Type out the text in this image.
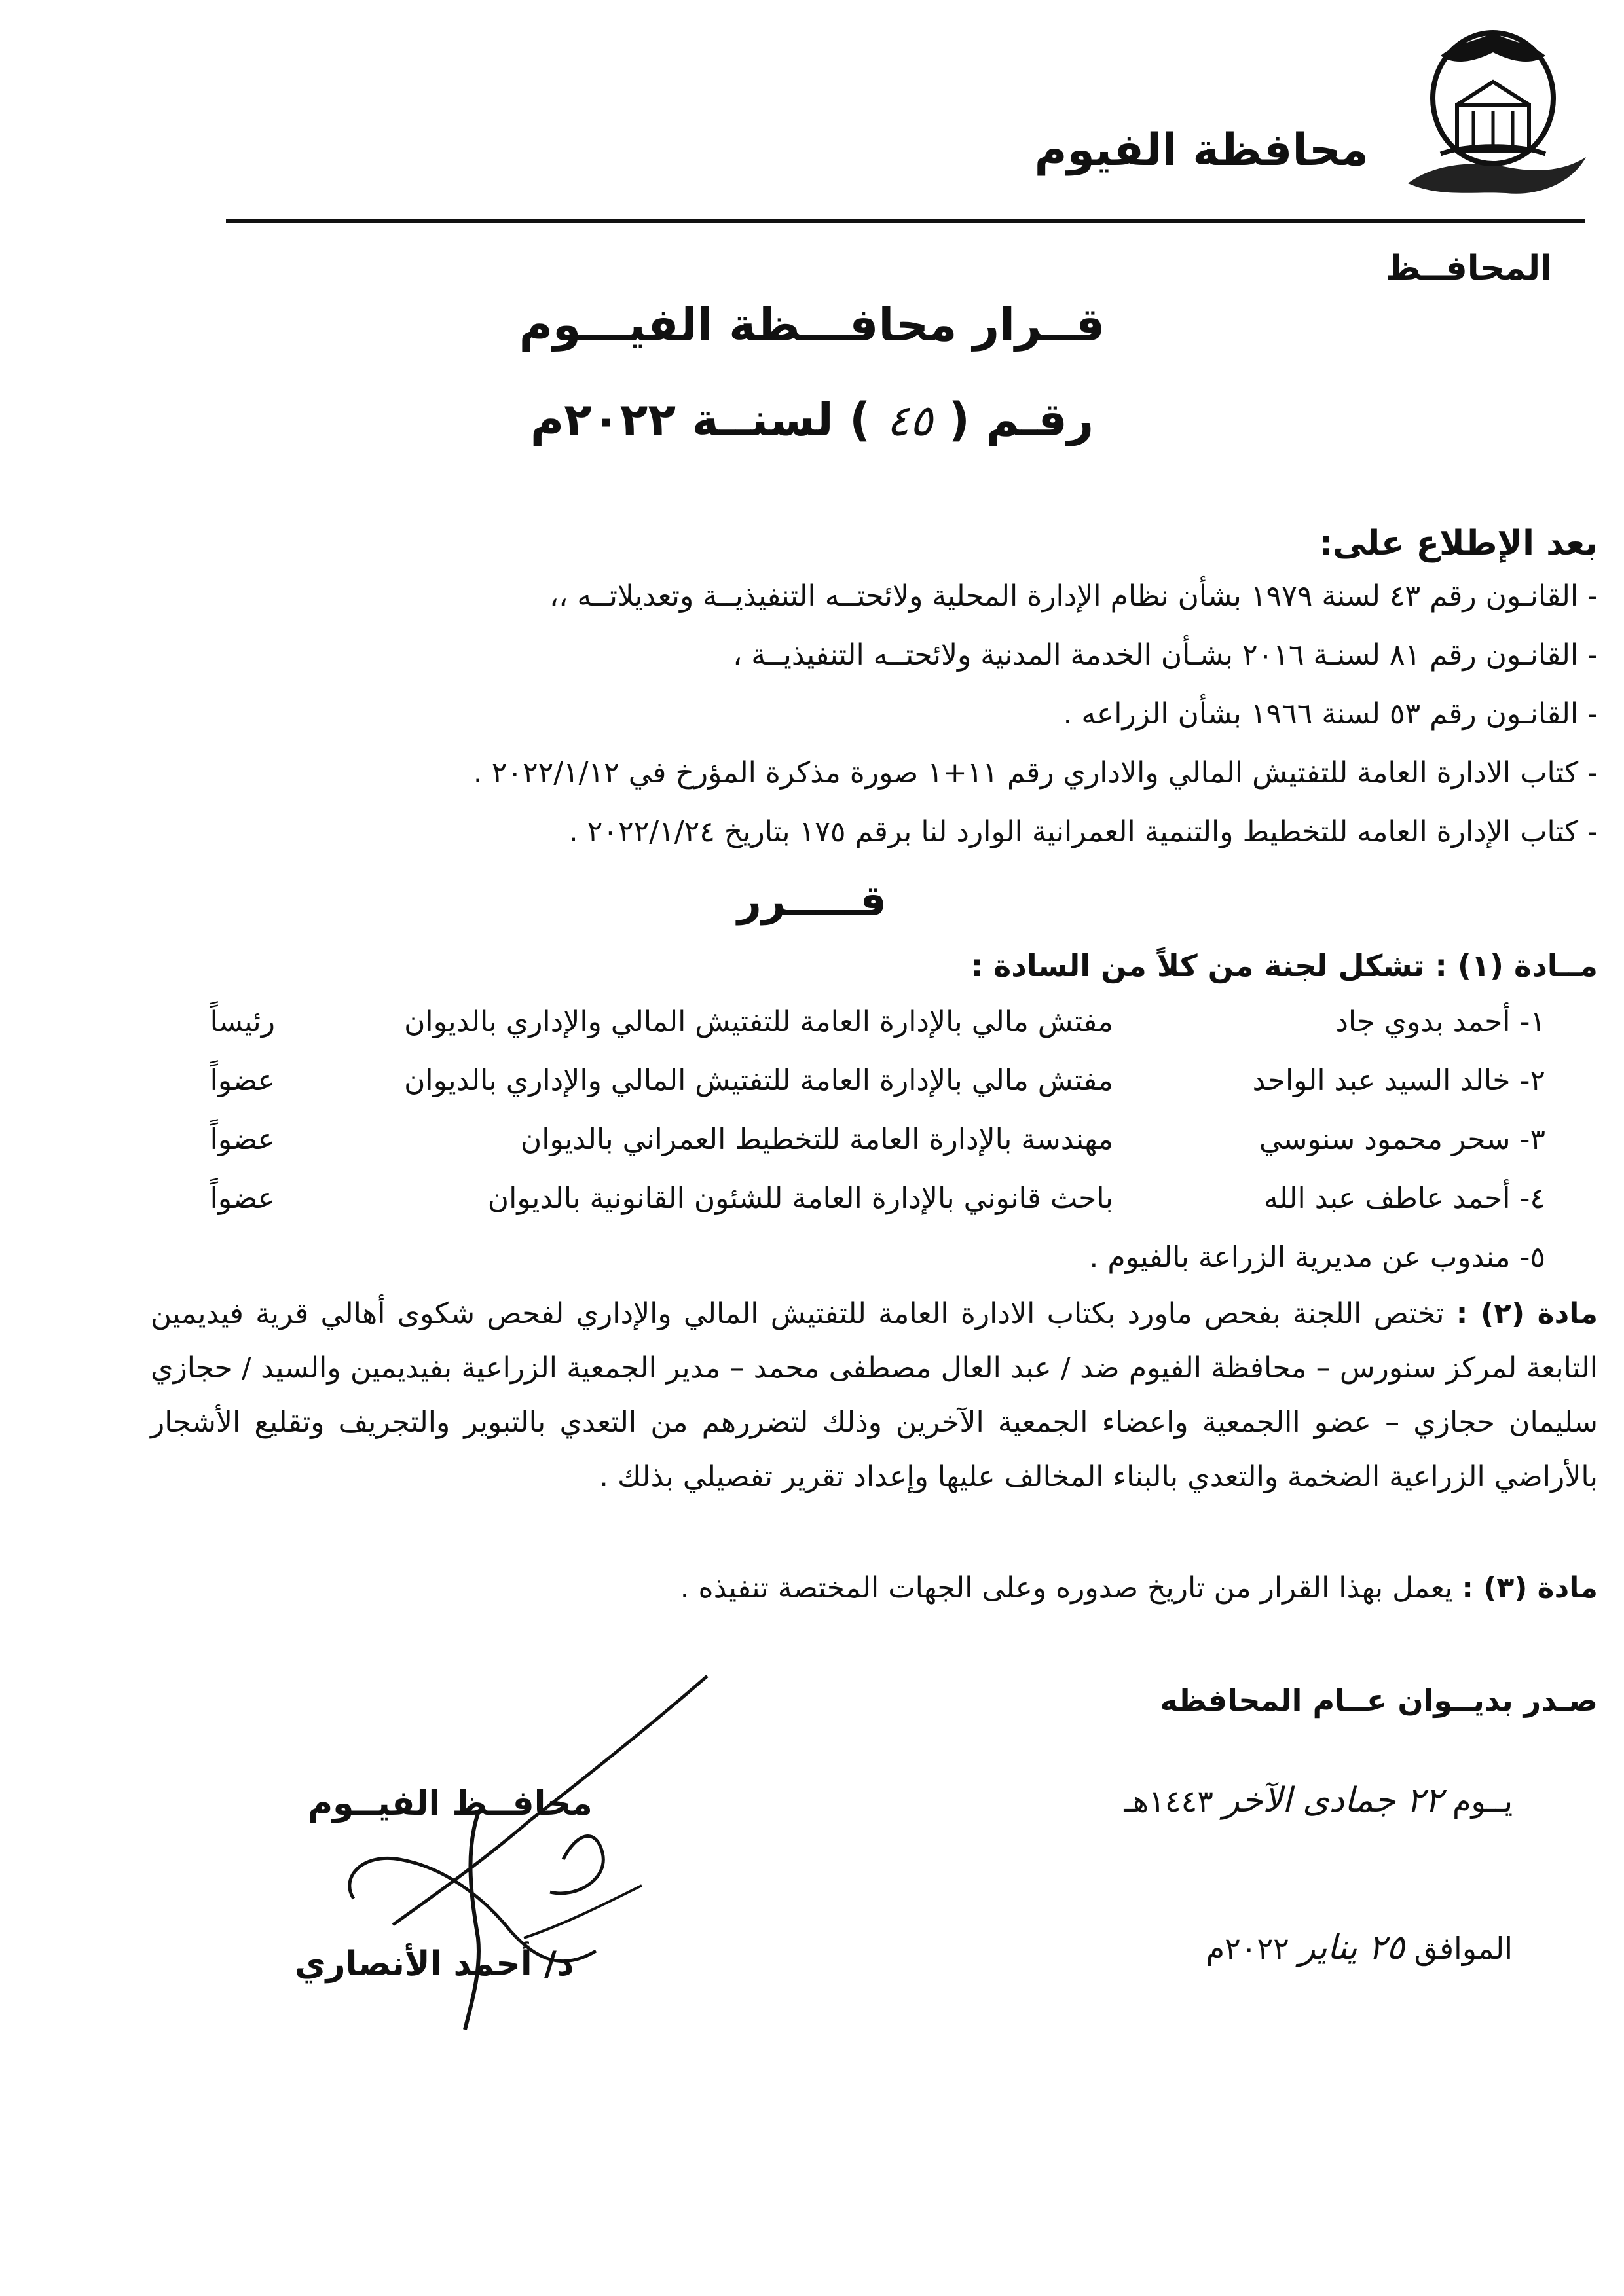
محافظة الفيوم
المحافــظ
قــرار محافـــظة الفيـــوم
رقـم ( ٤٥ ) لسنــة ٢٠٢٢م
بعد الإطلاع على:
- القانـون رقم ٤٣ لسنة ١٩٧٩ بشأن نظام الإدارة المحلية ولائحتــه التنفيذيــة وتعديلاتــه ،،
- القانـون رقم ٨١ لسنـة ٢٠١٦ بشـأن الخدمة المدنية ولائحتــه التنفيذيــة ،
- القانـون رقم ٥٣ لسنة ١٩٦٦ بشأن الزراعه .
- كتاب الادارة العامة للتفتيش المالي والاداري رقم ١١+١ صورة مذكرة المؤرخ في ٢٠٢٢/١/١٢ .
- كتاب الإدارة العامه للتخطيط والتنمية العمرانية الوارد لنا برقم ١٧٥ بتاريخ ٢٠٢٢/١/٢٤ .
قـــــرر
مــادة (١) : تشكل لجنة من كلاً من السادة :
١- أحمد بدوي جاد
مفتش مالي بالإدارة العامة للتفتيش المالي والإداري بالديوان
رئيساً
٢- خالد السيد عبد الواحد
مفتش مالي بالإدارة العامة للتفتيش المالي والإداري بالديوان
عضواً
٣- سحر محمود سنوسي
مهندسة بالإدارة العامة للتخطيط العمراني بالديوان
عضواً
٤- أحمد عاطف عبد الله
باحث قانوني بالإدارة العامة للشئون القانونية بالديوان
عضواً
٥- مندوب عن مديرية الزراعة بالفيوم .
مادة (٢) : تختص اللجنة بفحص ماورد بكتاب الادارة العامة للتفتيش المالي والإداري لفحص شكوى أهالي قرية فيديمين التابعة لمركز سنورس – محافظة الفيوم ضد / عبد العال مصطفى محمد – مدير الجمعية الزراعية بفيديمين والسيد / حجازي سليمان حجازي – عضو االجمعية واعضاء الجمعية الآخرين وذلك لتضررهم من التعدي بالتبوير والتجريف وتقليع الأشجار بالأراضي الزراعية الضخمة والتعدي بالبناء المخالف عليها وإعداد تقرير تفصيلي بذلك .
مادة (٣) : يعمل بهذا القرار من تاريخ صدوره وعلى الجهات المختصة تنفيذه .
صـدر بديــوان عــام المحافظه
يــوم ٢٢ جمادى الآخر ١٤٤٣هـ
الموافق ٢٥ يناير ٢٠٢٢م
محافــظ الفيــوم
د/ أحمد الأنصاري
